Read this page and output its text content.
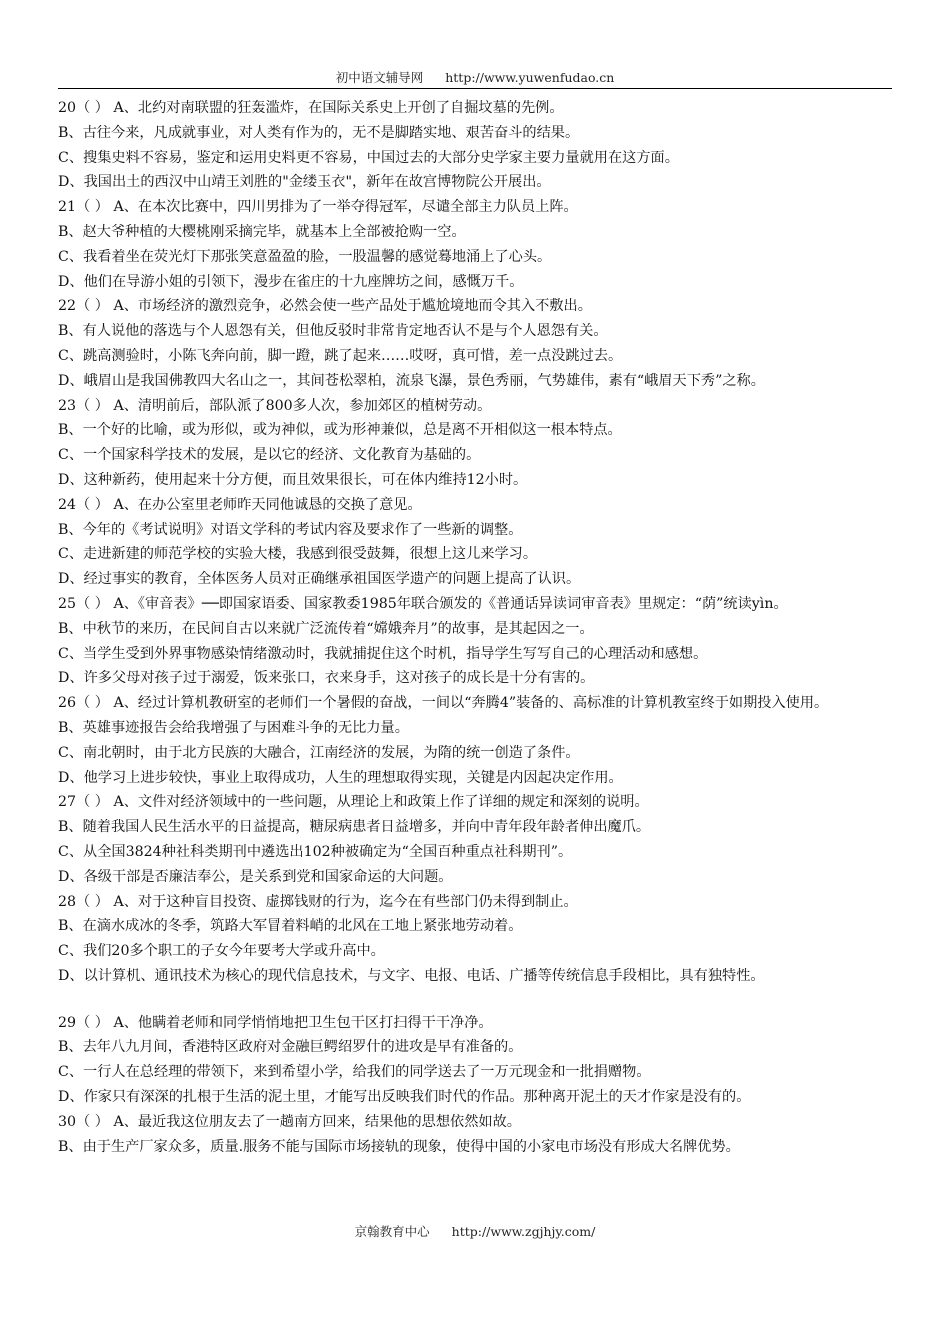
初中语文辅导网 http://www.yuwenfudao.cn
20（ ） A、北约对南联盟的狂轰滥炸，在国际关系史上开创了自掘坟墓的先例。
B、古往今来，凡成就事业，对人类有作为的，无不是脚踏实地、艰苦奋斗的结果。
C、搜集史料不容易，鉴定和运用史料更不容易，中国过去的大部分史学家主要力量就用在这方面。
D、我国出土的西汉中山靖王刘胜的"金缕玉衣"，新年在故宫博物院公开展出。
21（ ） A、在本次比赛中，四川男排为了一举夺得冠军，尽谴全部主力队员上阵。
B、赵大爷种植的大樱桃刚采摘完毕，就基本上全部被抢购一空。
C、我看着坐在荧光灯下那张笑意盈盈的脸，一股温馨的感觉蓦地涌上了心头。
D、他们在导游小姐的引领下，漫步在雀庄的十九座牌坊之间，感慨万千。
22（ ） A、市场经济的激烈竞争，必然会使一些产品处于尴尬境地而令其入不敷出。
B、有人说他的落选与个人恩怨有关，但他反驳时非常肯定地否认不是与个人恩怨有关。
C、跳高测验时，小陈飞奔向前，脚一蹬，跳了起来……哎呀，真可惜，差一点没跳过去。
D、峨眉山是我国佛教四大名山之一，其间苍松翠柏，流泉飞瀑，景色秀丽，气势雄伟，素有“峨眉天下秀”之称。
23（ ） A、清明前后，部队派了800多人次，参加郊区的植树劳动。
B、一个好的比喻，或为形似，或为神似，或为形神兼似，总是离不开相似这一根本特点。
C、一个国家科学技术的发展，是以它的经济、文化教育为基础的。
D、这种新药，使用起来十分方便，而且效果很长，可在体内维持12小时。
24（ ） A、在办公室里老师昨天同他诚恳的交换了意见。
B、今年的《考试说明》对语文学科的考试内容及要求作了一些新的调整。
C、走进新建的师范学校的实验大楼，我感到很受鼓舞，很想上这儿来学习。
D、经过事实的教育，全体医务人员对正确继承祖国医学遗产的问题上提高了认识。
25（ ） A、《审音表》──即国家语委、国家教委1985年联合颁发的《普通话异读词审音表》里规定：“荫”统读yìn。
B、中秋节的来历，在民间自古以来就广泛流传着“嫦娥奔月”的故事，是其起因之一。
C、当学生受到外界事物感染情绪激动时，我就捕捉住这个时机，指导学生写写自己的心理活动和感想。
D、许多父母对孩子过于溺爱，饭来张口，衣来身手，这对孩子的成长是十分有害的。
26（ ） A、经过计算机教研室的老师们一个暑假的奋战，一间以“奔腾4”装备的、高标准的计算机教室终于如期投入使用。
B、英雄事迹报告会给我增强了与困难斗争的无比力量。
C、南北朝时，由于北方民族的大融合，江南经济的发展，为隋的统一创造了条件。
D、他学习上进步较快，事业上取得成功，人生的理想取得实现，关键是内因起决定作用。
27（ ） A、文件对经济领域中的一些问题，从理论上和政策上作了详细的规定和深刻的说明。
B、随着我国人民生活水平的日益提高，糖尿病患者日益增多，并向中青年段年龄者伸出魔爪。
C、从全国3824种社科类期刊中遴选出102种被确定为“全国百种重点社科期刊”。
D、各级干部是否廉洁奉公，是关系到党和国家命运的大问题。
28（ ） A、对于这种盲目投资、虚掷钱财的行为，迄今在有些部门仍未得到制止。
B、在滴水成冰的冬季，筑路大军冒着料峭的北风在工地上紧张地劳动着。
C、我们20多个职工的子女今年要考大学或升高中。
D、以计算机、通讯技术为核心的现代信息技术，与文字、电报、电话、广播等传统信息手段相比，具有独特性。
29（ ） A、他瞒着老师和同学悄悄地把卫生包干区打扫得干干净净。
B、去年八九月间，香港特区政府对金融巨鳄绍罗什的进攻是早有准备的。
C、一行人在总经理的带领下，来到希望小学，给我们的同学送去了一万元现金和一批捐赠物。
D、作家只有深深的扎根于生活的泥土里，才能写出反映我们时代的作品。那种离开泥土的天才作家是没有的。
30（ ） A、最近我这位朋友去了一趟南方回来，结果他的思想依然如故。
B、由于生产厂家众多，质量.服务不能与国际市场接轨的现象，使得中国的小家电市场没有形成大名牌优势。
京翰教育中心 http://www.zgjhjy.com/
